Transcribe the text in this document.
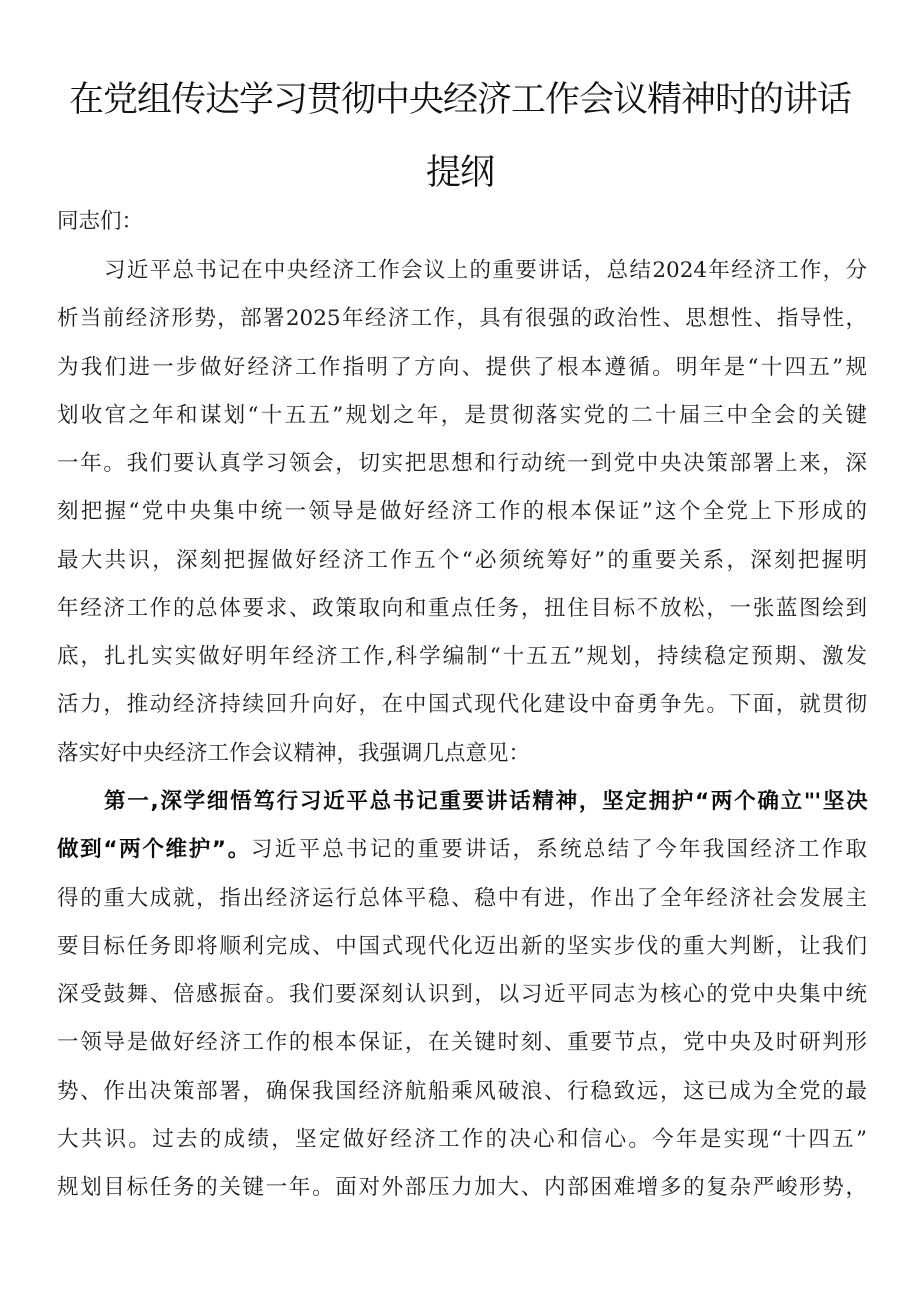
在党组传达学习贯彻中央经济工作会议精神时的讲话
提纲
同志们：
习近平总书记在中央经济工作会议上的重要讲话，总结2024年经济工作，分
析当前经济形势，部署2025年经济工作，具有很强的政治性、思想性、指导性，
为我们进一步做好经济工作指明了方向、提供了根本遵循。明年是“十四五”规
划收官之年和谋划“十五五”规划之年，是贯彻落实党的二十届三中全会的关键
一年。我们要认真学习领会，切实把思想和行动统一到党中央决策部署上来，深
刻把握“党中央集中统一领导是做好经济工作的根本保证”这个全党上下形成的
最大共识，深刻把握做好经济工作五个“必须统筹好”的重要关系，深刻把握明
年经济工作的总体要求、政策取向和重点任务，扭住目标不放松，一张蓝图绘到
底，扎扎实实做好明年经济工作,科学编制“十五五”规划，持续稳定预期、激发
活力，推动经济持续回升向好，在中国式现代化建设中奋勇争先。下面，就贯彻
落实好中央经济工作会议精神，我强调几点意见：
第一,深学细悟笃行习近平总书记重要讲话精神，坚定拥护“两个确立"'坚决
做到“两个维护”。习近平总书记的重要讲话，系统总结了今年我国经济工作取
得的重大成就，指出经济运行总体平稳、稳中有进，作出了全年经济社会发展主
要目标任务即将顺利完成、中国式现代化迈出新的坚实步伐的重大判断，让我们
深受鼓舞、倍感振奋。我们要深刻认识到，以习近平同志为核心的党中央集中统
一领导是做好经济工作的根本保证，在关键时刻、重要节点，党中央及时研判形
势、作出决策部署，确保我国经济航船乘风破浪、行稳致远，这已成为全党的最
大共识。过去的成绩，坚定做好经济工作的决心和信心。今年是实现“十四五”
规划目标任务的关键一年。面对外部压力加大、内部困难增多的复杂严峻形势，
